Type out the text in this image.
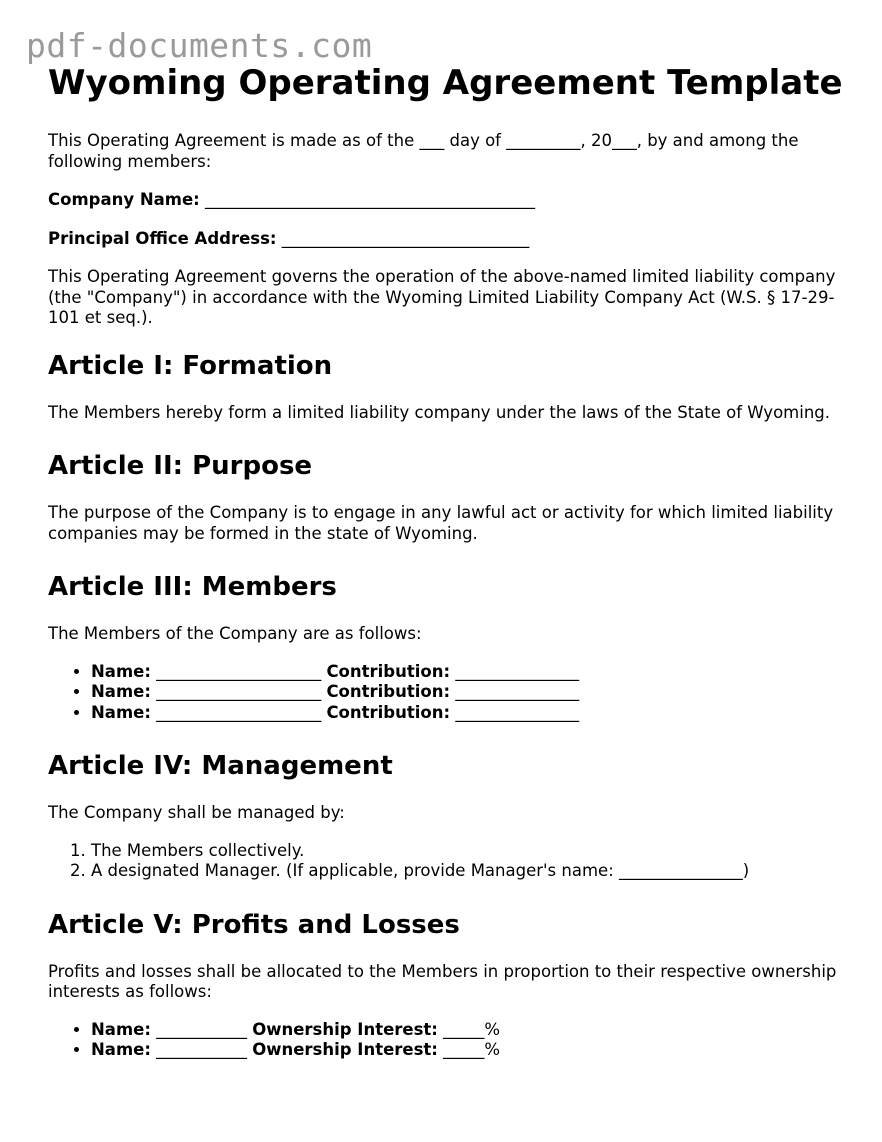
pdf-documents.com
Wyoming Operating Agreement Template

This Operating Agreement is made as of the ___ day of _________, 20___, by and among the following members:

Company Name: ________________________________________

Principal Office Address: ______________________________

This Operating Agreement governs the operation of the above-named limited liability company (the "Company") in accordance with the Wyoming Limited Liability Company Act (W.S. § 17-29-101 et seq.).

Article I: Formation

The Members hereby form a limited liability company under the laws of the State of Wyoming.

Article II: Purpose

The purpose of the Company is to engage in any lawful act or activity for which limited liability companies may be formed in the state of Wyoming.

Article III: Members

The Members of the Company are as follows:

• Name: ____________________ Contribution: _______________
• Name: ____________________ Contribution: _______________
• Name: ____________________ Contribution: _______________
Article IV: Management

The Company shall be managed by:

1. The Members collectively.
2. A designated Manager. (If applicable, provide Manager's name: _______________)
Article V: Profits and Losses

Profits and losses shall be allocated to the Members in proportion to their respective ownership interests as follows:

• Name: ___________ Ownership Interest: _____%
• Name: ___________ Ownership Interest: _____%
